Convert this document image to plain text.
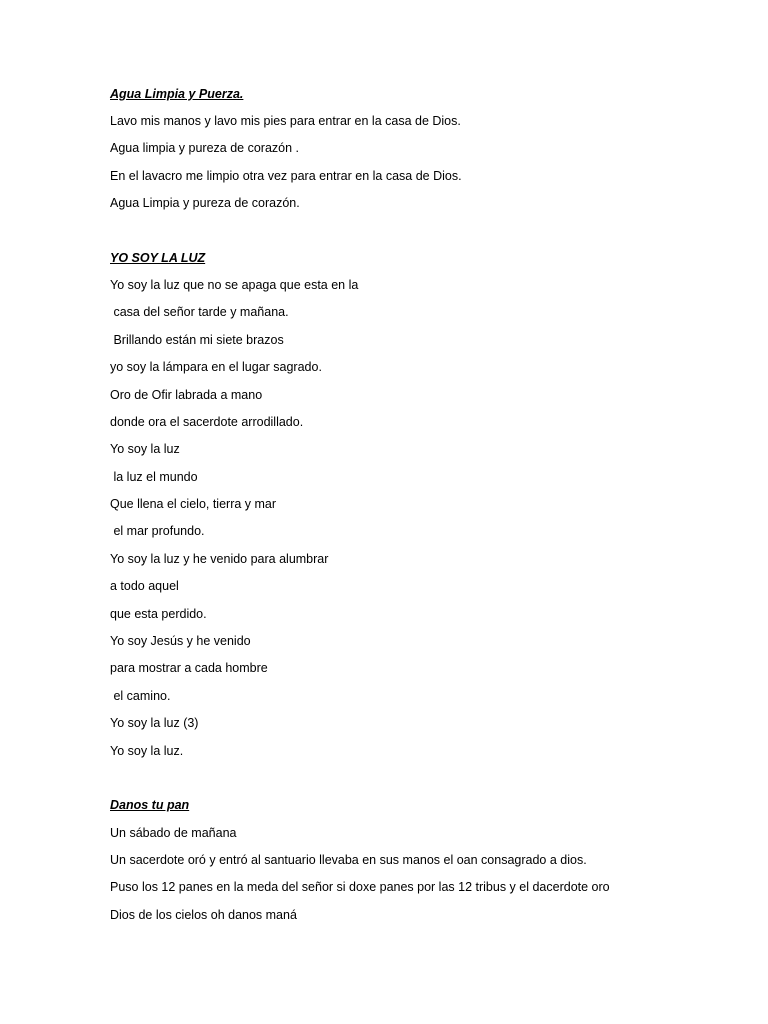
Agua Limpia y Puerza.

Lavo mis manos y lavo mis pies para entrar en la casa de Dios.

Agua limpia y pureza de corazón .

En el lavacro me limpio otra vez para entrar en la casa de Dios.

Agua Limpia y pureza de corazón.

YO SOY LA LUZ

Yo soy la luz que no se apaga que esta en la

casa del señor tarde y mañana.

Brillando están mi siete brazos

yo soy la lámpara en el lugar sagrado.

Oro de Ofir labrada a mano

donde ora el sacerdote arrodillado.

Yo soy la luz

la luz el mundo

Que llena el cielo, tierra y mar

el mar profundo.

Yo soy la luz y he venido para alumbrar

a todo aquel

que esta perdido.

Yo soy Jesús y he venido

para mostrar a cada hombre

el camino.

Yo soy la luz (3)

Yo soy la luz.

Danos tu pan

Un sábado de mañana

Un sacerdote oró y entró al santuario llevaba en sus manos el oan consagrado a dios.

Puso los 12 panes en la meda del señor si doxe panes por las 12 tribus y el dacerdote oro

Dios de los cielos oh danos maná
